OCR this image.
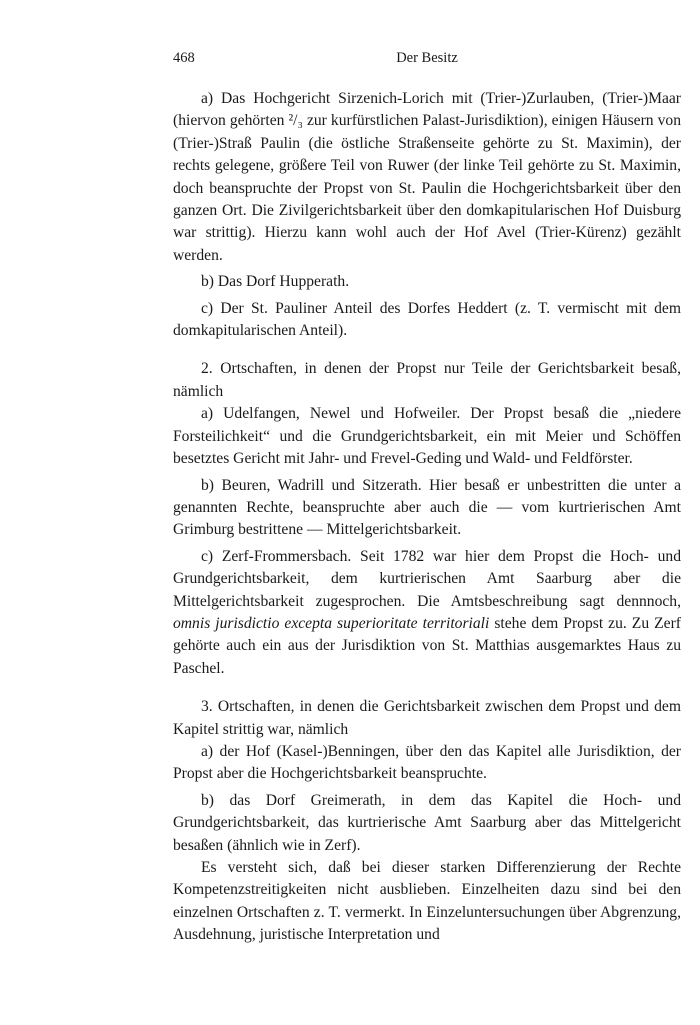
468	Der Besitz

a) Das Hochgericht Sirzenich-Lorich mit (Trier-)Zurlauben, (Trier-)Maar (hiervon gehörten ²/₃ zur kurfürstlichen Palast-Jurisdiktion), einigen Häusern von (Trier-)Straß Paulin (die östliche Straßenseite gehörte zu St. Maximin), der rechts gelegene, größere Teil von Ruwer (der linke Teil gehörte zu St. Maximin, doch beanspruchte der Propst von St. Paulin die Hochgerichtsbarkeit über den ganzen Ort. Die Zivilgerichtsbarkeit über den domkapitularischen Hof Duisburg war strittig). Hierzu kann wohl auch der Hof Avel (Trier-Kürenz) gezählt werden.

b) Das Dorf Hupperath.

c) Der St. Pauliner Anteil des Dorfes Heddert (z. T. vermischt mit dem domkapitularischen Anteil).

2. Ortschaften, in denen der Propst nur Teile der Gerichtsbarkeit besaß, nämlich

a) Udelfangen, Newel und Hofweiler. Der Propst besaß die „niedere Forsteilichkeit“ und die Grundgerichtsbarkeit, ein mit Meier und Schöffen besetztes Gericht mit Jahr- und Frevel-Geding und Wald- und Feldförster.

b) Beuren, Wadrill und Sitzerath. Hier besaß er unbestritten die unter a genannten Rechte, beanspruchte aber auch die — vom kurtrierischen Amt Grimburg bestrittene — Mittelgerichtsbarkeit.

c) Zerf-Frommersbach. Seit 1782 war hier dem Propst die Hoch- und Grundgerichtsbarkeit, dem kurtrierischen Amt Saarburg aber die Mittelgerichtsbarkeit zugesprochen. Die Amtsbeschreibung sagt dennnoch, omnis jurisdictio excepta superioritate territoriali stehe dem Propst zu. Zu Zerf gehörte auch ein aus der Jurisdiktion von St. Matthias ausgemarktes Haus zu Paschel.

3. Ortschaften, in denen die Gerichtsbarkeit zwischen dem Propst und dem Kapitel strittig war, nämlich

a) der Hof (Kasel-)Benningen, über den das Kapitel alle Jurisdiktion, der Propst aber die Hochgerichtsbarkeit beanspruchte.

b) das Dorf Greimerath, in dem das Kapitel die Hoch- und Grundgerichtsbarkeit, das kurtrierische Amt Saarburg aber das Mittelgericht besaßen (ähnlich wie in Zerf).

Es versteht sich, daß bei dieser starken Differenzierung der Rechte Kompetenzstreitigkeiten nicht ausblieben. Einzelheiten dazu sind bei den einzelnen Ortschaften z. T. vermerkt. In Einzeluntersuchungen über Abgrenzung, Ausdehnung, juristische Interpretation und
